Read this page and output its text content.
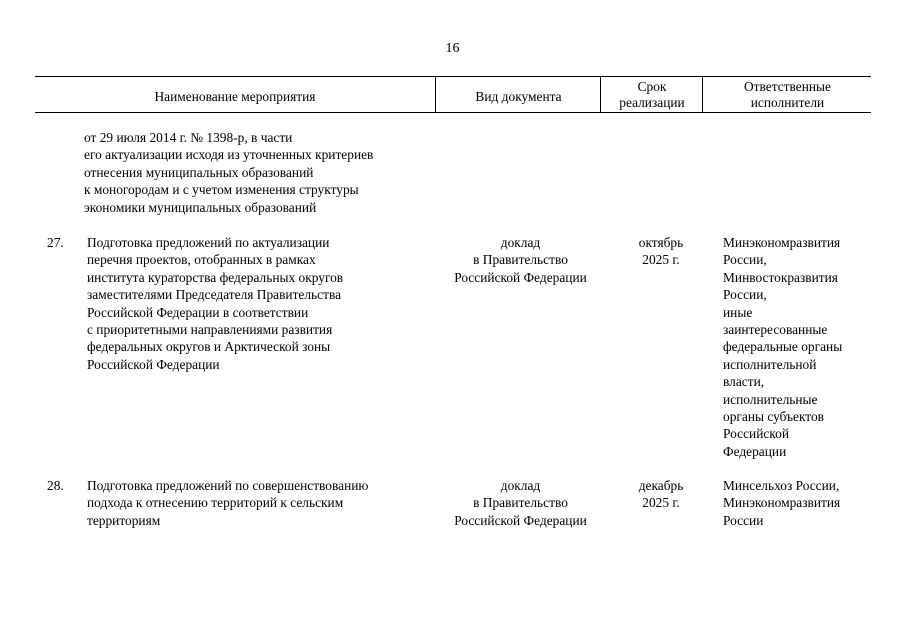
16
Наименование мероприятия	Вид документа
Срок
реализации
Ответственные
исполнители
от 29 июля 2014 г. № 1398-р, в части
его актуализации исходя из уточненных критериев
отнесения муниципальных образований
к моногородам и с учетом изменения структуры
экономики муниципальных образований
27. Подготовка предложений по актуализации
перечня проектов, отобранных в рамках
института кураторства федеральных округов
заместителями Председателя Правительства
Российской Федерации в соответствии
с приоритетными направлениями развития
федеральных округов и Арктической зоны
Российской Федерации
доклад
в Правительство
Российской Федерации
октябрь
2025 г.
Минэкономразвития
России,
Минвостокразвития
России,
иные
заинтересованные
федеральные органы
исполнительной
власти,
исполнительные
органы субъектов
Российской
Федерации
28. Подготовка предложений по совершенствованию
подхода к отнесению территорий к сельским
территориям
доклад
в Правительство
Российской Федерации
декабрь
2025 г.
Минсельхоз России,
Минэкономразвития
России
